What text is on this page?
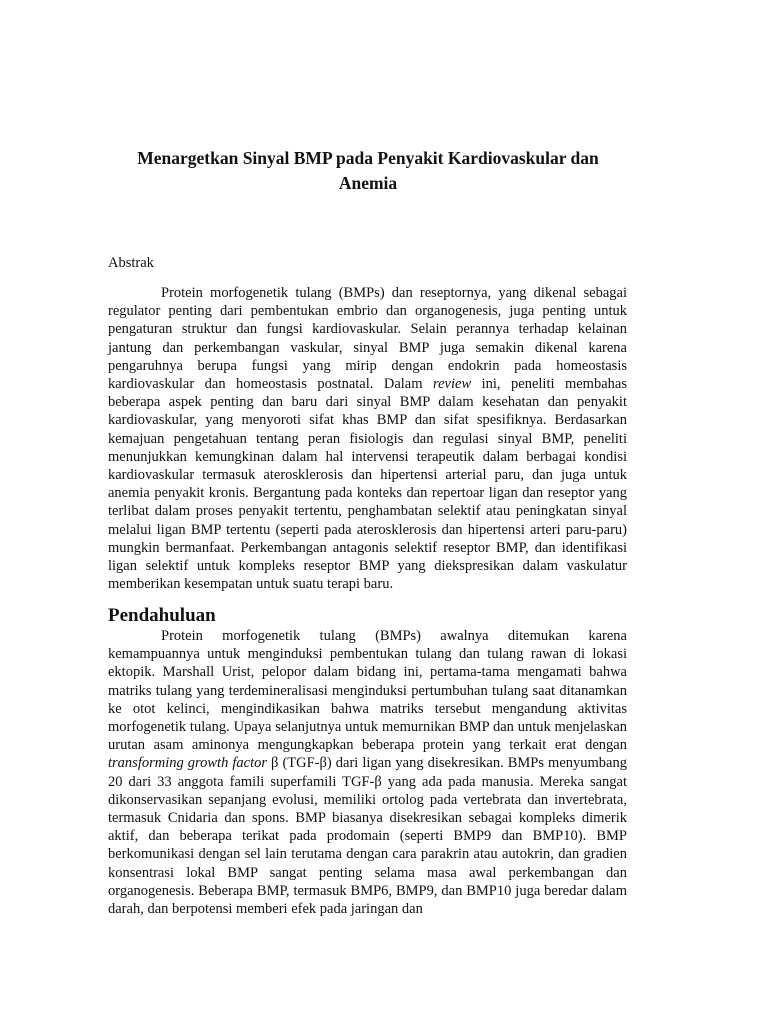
Menargetkan Sinyal BMP pada Penyakit Kardiovaskular dan Anemia
Abstrak

Protein morfogenetik tulang (BMPs) dan reseptornya, yang dikenal sebagai regulator penting dari pembentukan embrio dan organogenesis, juga penting untuk pengaturan struktur dan fungsi kardiovaskular. Selain perannya terhadap kelainan jantung dan perkembangan vaskular, sinyal BMP juga semakin dikenal karena pengaruhnya berupa fungsi yang mirip dengan endokrin pada homeostasis kardiovaskular dan homeostasis postnatal. Dalam review ini, peneliti membahas beberapa aspek penting dan baru dari sinyal BMP dalam kesehatan dan penyakit kardiovaskular, yang menyoroti sifat khas BMP dan sifat spesifiknya. Berdasarkan kemajuan pengetahuan tentang peran fisiologis dan regulasi sinyal BMP, peneliti menunjukkan kemungkinan dalam hal intervensi terapeutik dalam berbagai kondisi kardiovaskular termasuk aterosklerosis dan hipertensi arterial paru, dan juga untuk anemia penyakit kronis. Bergantung pada konteks dan repertoar ligan dan reseptor yang terlibat dalam proses penyakit tertentu, penghambatan selektif atau peningkatan sinyal melalui ligan BMP tertentu (seperti pada aterosklerosis dan hipertensi arteri paru-paru) mungkin bermanfaat. Perkembangan antagonis selektif reseptor BMP, dan identifikasi ligan selektif untuk kompleks reseptor BMP yang diekspresikan dalam vaskulatur memberikan kesempatan untuk suatu terapi baru.

Pendahuluan

Protein morfogenetik tulang (BMPs) awalnya ditemukan karena kemampuannya untuk menginduksi pembentukan tulang dan tulang rawan di lokasi ektopik. Marshall Urist, pelopor dalam bidang ini, pertama-tama mengamati bahwa matriks tulang yang terdemineralisasi menginduksi pertumbuhan tulang saat ditanamkan ke otot kelinci, mengindikasikan bahwa matriks tersebut mengandung aktivitas morfogenetik tulang. Upaya selanjutnya untuk memurnikan BMP dan untuk menjelaskan urutan asam aminonya mengungkapkan beberapa protein yang terkait erat dengan transforming growth factor β (TGF-β) dari ligan yang disekresikan. BMPs menyumbang 20 dari 33 anggota famili superfamili TGF-β yang ada pada manusia. Mereka sangat dikonservasikan sepanjang evolusi, memiliki ortolog pada vertebrata dan invertebrata, termasuk Cnidaria dan spons. BMP biasanya disekresikan sebagai kompleks dimerik aktif, dan beberapa terikat pada prodomain (seperti BMP9 dan BMP10). BMP berkomunikasi dengan sel lain terutama dengan cara parakrin atau autokrin, dan gradien konsentrasi lokal BMP sangat penting selama masa awal perkembangan dan organogenesis. Beberapa BMP, termasuk BMP6, BMP9, dan BMP10 juga beredar dalam darah, dan berpotensi memberi efek pada jaringan dan
